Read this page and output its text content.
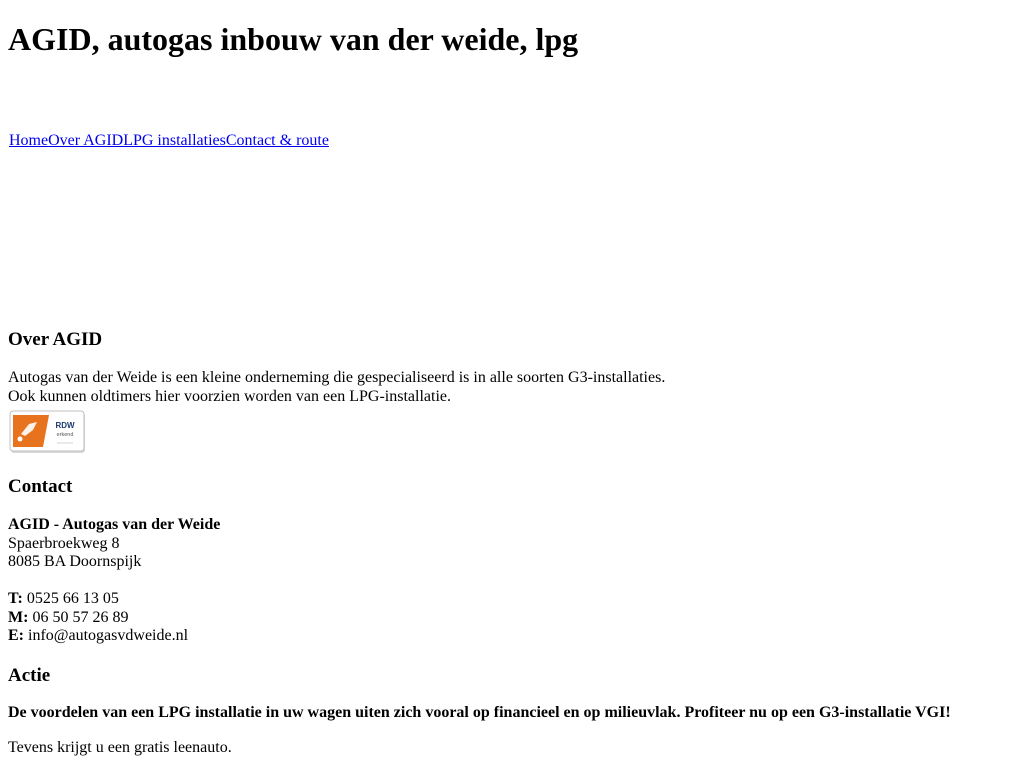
AGID, autogas inbouw van der weide, lpg
HomeOver AGIDLPG installatiesContact & route
Over AGID

Autogas van der Weide is een kleine onderneming die gespecialiseerd is in alle soorten G3-installaties.

Ook kunnen oldtimers hier voorzien worden van een LPG-installatie.

RDW
erkend
Contact

AGID - Autogas van der Weide

Spaerbroekweg 8

8085 BA Doornspijk

T: 0525 66 13 05

M: 06 50 57 26 89

E: info@autogasvdweide.nl

Actie

De voordelen van een LPG installatie in uw wagen uiten zich vooral op financieel en op milieuvlak. Profiteer nu op een G3-installatie VGI!

Tevens krijgt u een gratis leenauto.
